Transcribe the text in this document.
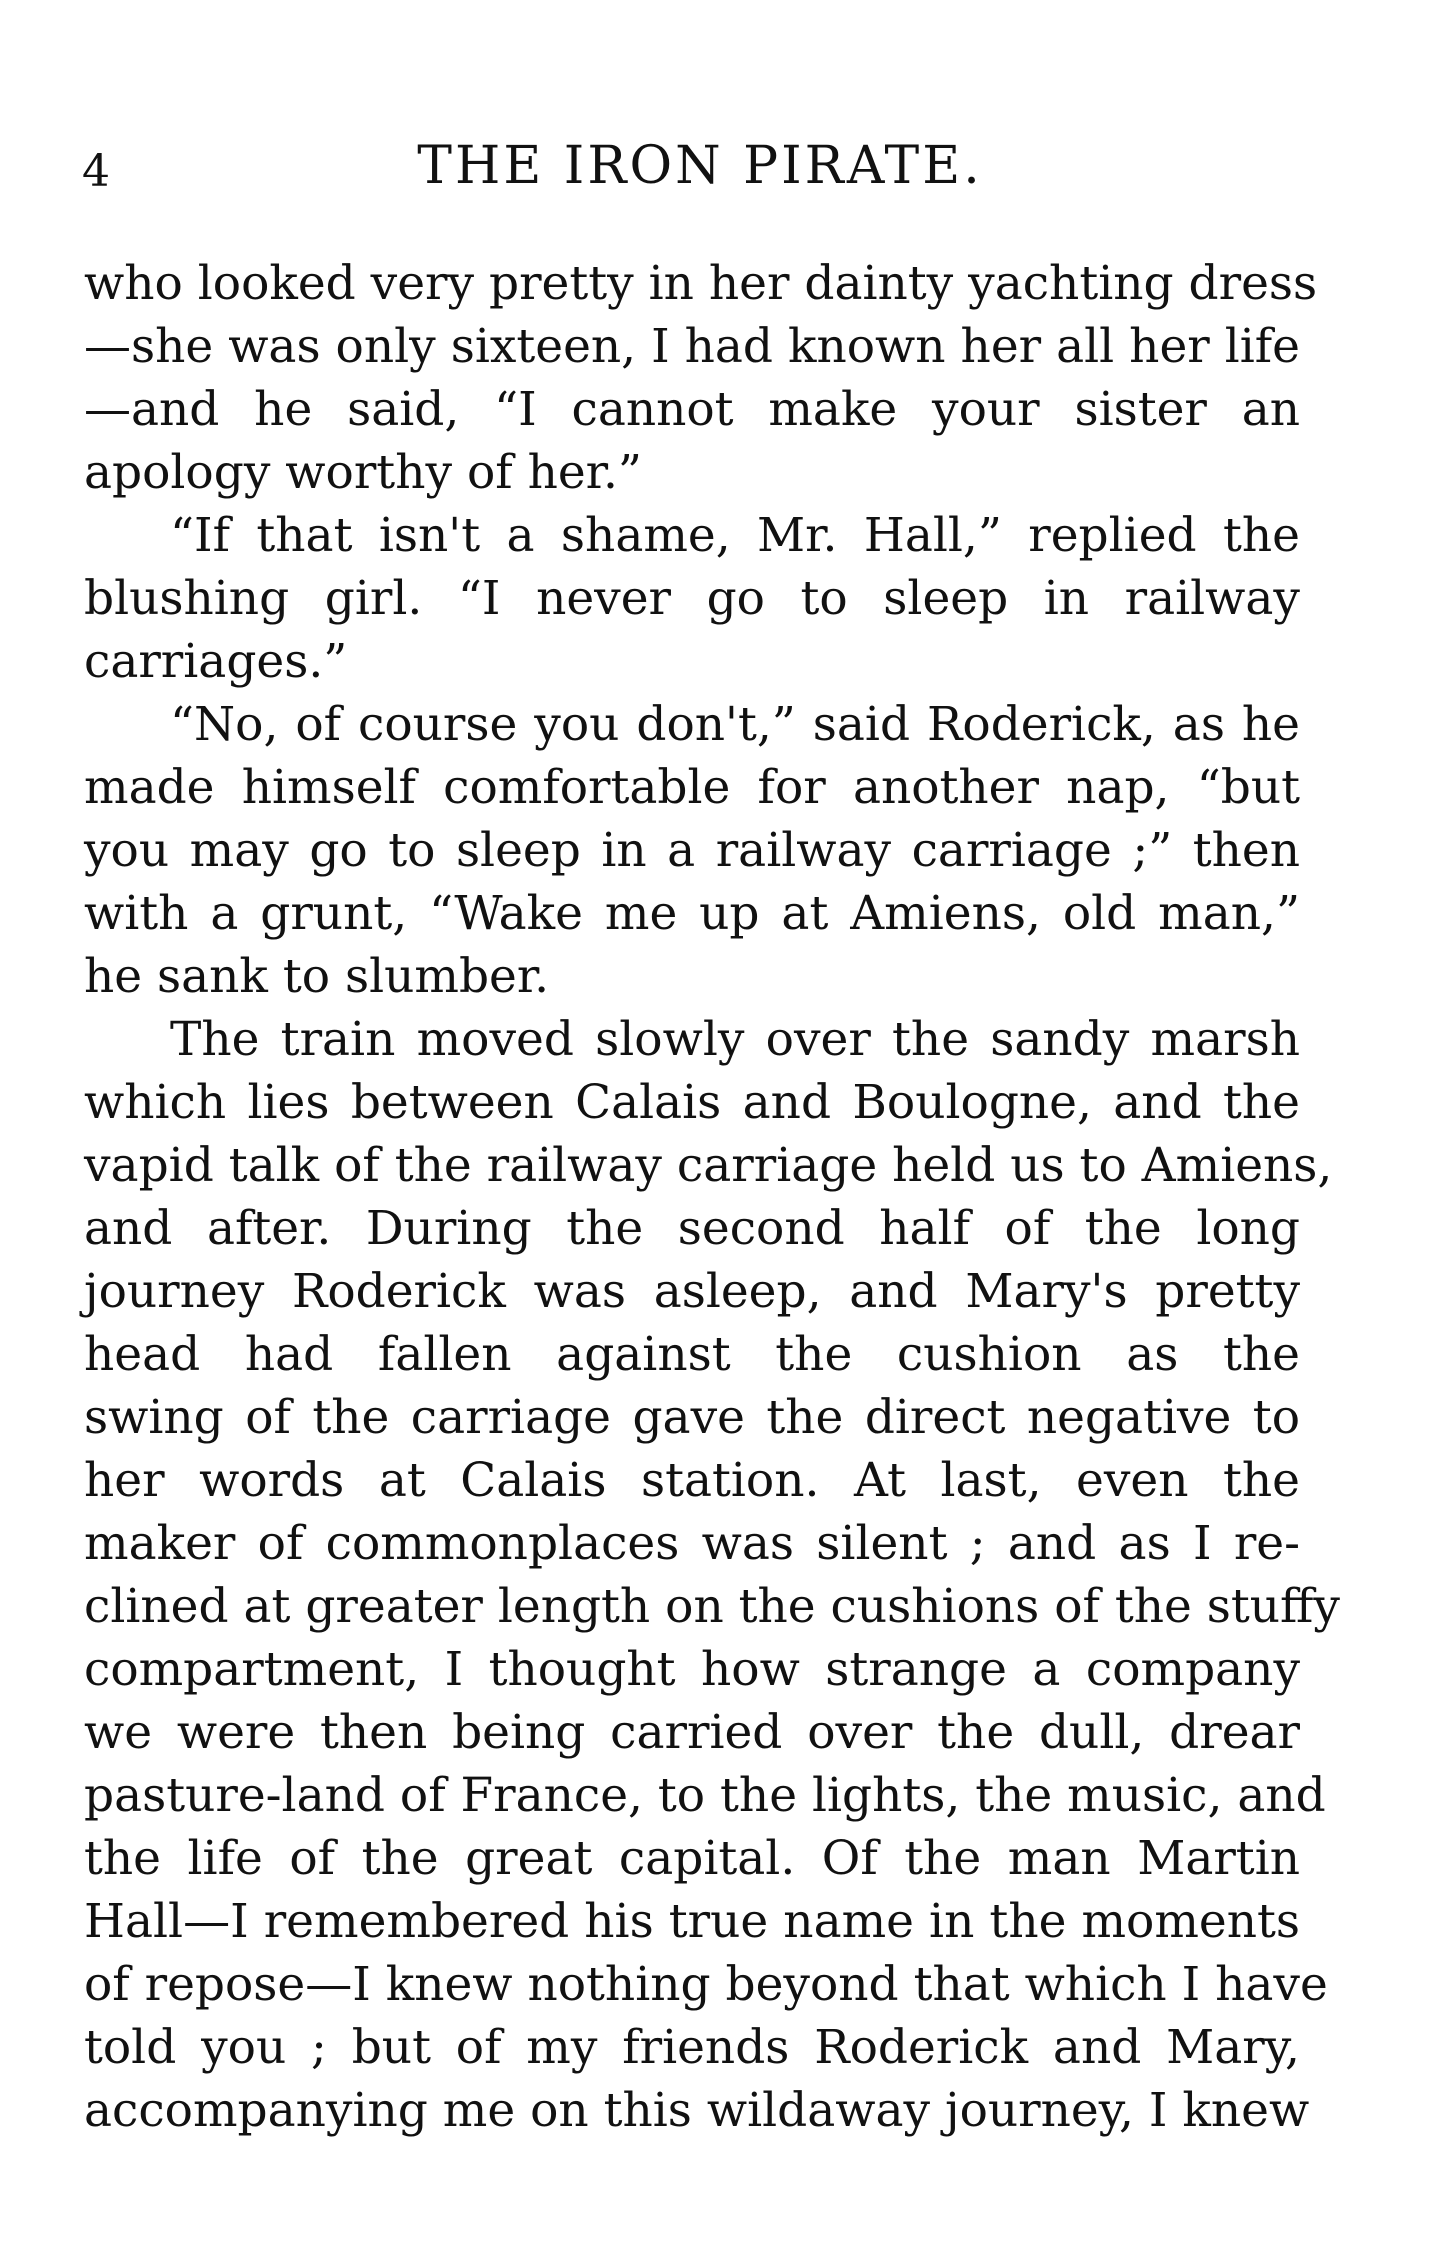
4	THE IRON PIRATE.
who looked very pretty in her dainty yachting dress
—she was only sixteen, I had known her all her life
—and he said, “I cannot make your sister an
apology worthy of her.”
“If that isn't a shame, Mr. Hall,” replied the
blushing girl. “I never go to sleep in railway
carriages.”
“No, of course you don't,” said Roderick, as he
made himself comfortable for another nap, “but
you may go to sleep in a railway carriage ;” then
with a grunt, “Wake me up at Amiens, old man,”
he sank to slumber.
The train moved slowly over the sandy marsh
which lies between Calais and Boulogne, and the
vapid talk of the railway carriage held us to Amiens,
and after. During the second half of the long
journey Roderick was asleep, and Mary's pretty
head had fallen against the cushion as the
swing of the carriage gave the direct negative to
her words at Calais station. At last, even the
maker of commonplaces was silent ; and as I re-
clined at greater length on the cushions of the stuffy
compartment, I thought how strange a company
we were then being carried over the dull, drear
pasture-land of France, to the lights, the music, and
the life of the great capital. Of the man Martin
Hall—I remembered his true name in the moments
of repose—I knew nothing beyond that which I have
told you ; but of my friends Roderick and Mary,
accompanying me on this wildaway journey, I knew
